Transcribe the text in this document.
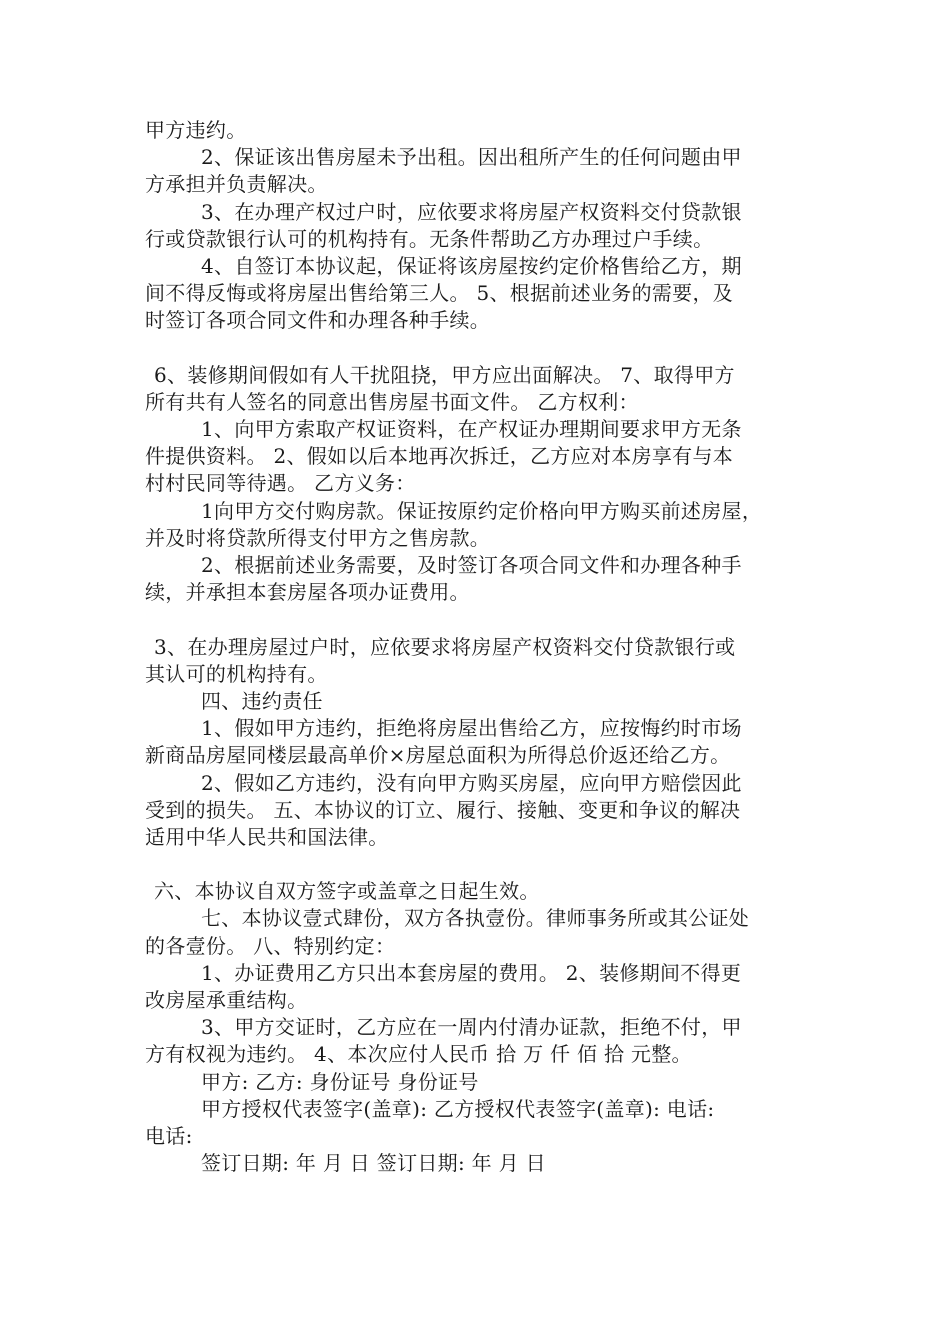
甲方违约。
2、保证该出售房屋未予出租。因出租所产生的任何问题由甲
方承担并负责解决。
3、在办理产权过户时，应依要求将房屋产权资料交付贷款银
行或贷款银行认可的机构持有。无条件帮助乙方办理过户手续。
4、自签订本协议起，保证将该房屋按约定价格售给乙方，期
间不得反悔或将房屋出售给第三人。 5、根据前述业务的需要，及
时签订各项合同文件和办理各种手续。
6、装修期间假如有人干扰阻挠，甲方应出面解决。 7、取得甲方
所有共有人签名的同意出售房屋书面文件。 乙方权利：
1、向甲方索取产权证资料，在产权证办理期间要求甲方无条
件提供资料。 2、假如以后本地再次拆迁，乙方应对本房享有与本
村村民同等待遇。 乙方义务：
1向甲方交付购房款。保证按原约定价格向甲方购买前述房屋，
并及时将贷款所得支付甲方之售房款。
2、根据前述业务需要，及时签订各项合同文件和办理各种手
续，并承担本套房屋各项办证费用。
3、在办理房屋过户时，应依要求将房屋产权资料交付贷款银行或
其认可的机构持有。
四、违约责任
1、假如甲方违约，拒绝将房屋出售给乙方，应按悔约时市场
新商品房屋同楼层最高单价×房屋总面积为所得总价返还给乙方。
2、假如乙方违约，没有向甲方购买房屋，应向甲方赔偿因此
受到的损失。 五、本协议的订立、履行、接触、变更和争议的解决
适用中华人民共和国法律。
六、本协议自双方签字或盖章之日起生效。
七、本协议壹式肆份，双方各执壹份。律师事务所或其公证处
的各壹份。 八、特别约定：
1、办证费用乙方只出本套房屋的费用。 2、装修期间不得更
改房屋承重结构。
3、甲方交证时，乙方应在一周内付清办证款，拒绝不付，甲
方有权视为违约。 4、本次应付人民币 拾 万 仟 佰 拾 元整。
甲方: 乙方: 身份证号 身份证号
甲方授权代表签字(盖章): 乙方授权代表签字(盖章): 电话:
电话:
签订日期: 年 月 日 签订日期: 年 月 日
